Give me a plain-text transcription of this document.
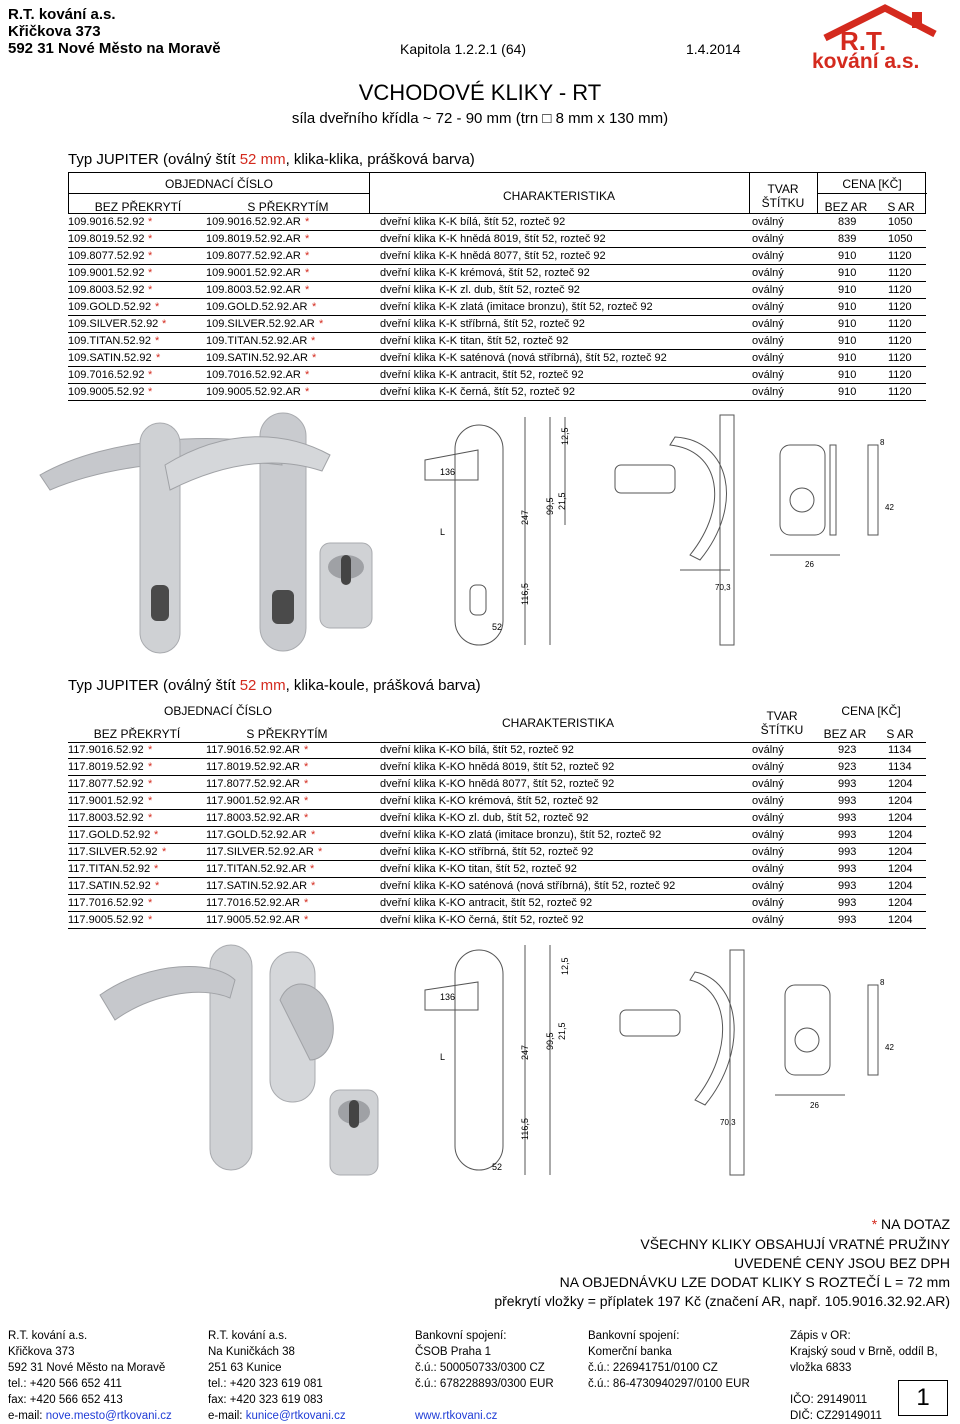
R.T. kování a.s.
Křičkova 373
592 31 Nové Město na Moravě	Kapitola 1.2.2.1 (64)	1.4.2014	R.T.
kování a.s.
VCHODOVÉ KLIKY - RT
síla dveřního křídla ~ 72 - 90 mm (trn □ 8 mm x 130 mm)
Typ JUPITER (oválný štít 52 mm, klika-klika, prášková barva)
OBJEDNACÍ ČÍSLO
BEZ PŘEKRYTÍ	S PŘEKRYTÍM
CHARAKTERISTIKA	TVAR
ŠTÍTKU
CENA [KČ]
BEZ AR	S AR
109.9016.52.92 *	109.9016.52.92.AR *	dveřní klika K-K bílá, štít 52, rozteč 92	oválný	839	1050
109.8019.52.92 *	109.8019.52.92.AR *	dveřní klika K-K hnědá 8019, štít 52, rozteč 92	oválný	839	1050
109.8077.52.92 *	109.8077.52.92.AR *	dveřní klika K-K hnědá 8077, štít 52, rozteč 92	oválný	910	1120
109.9001.52.92 *	109.9001.52.92.AR *	dveřní klika K-K krémová, štít 52, rozteč 92	oválný	910	1120
109.8003.52.92 *	109.8003.52.92.AR *	dveřní klika K-K zl. dub, štít 52, rozteč 92	oválný	910	1120
109.GOLD.52.92 *	109.GOLD.52.92.AR *	dveřní klika K-K zlatá (imitace bronzu), štít 52, rozteč 92	oválný	910	1120
109.SILVER.52.92 *	109.SILVER.52.92.AR *	dveřní klika K-K stříbrná, štít 52, rozteč 92	oválný	910	1120
109.TITAN.52.92 *	109.TITAN.52.92.AR *	dveřní klika K-K titan, štít 52, rozteč 92	oválný	910	1120
109.SATIN.52.92 *	109.SATIN.52.92.AR *	dveřní klika K-K saténová (nová stříbrná), štít 52, rozteč 92	oválný	910	1120
109.7016.52.92 *	109.7016.52.92.AR *	dveřní klika K-K antracit, štít 52, rozteč 92	oválný	910	1120
109.9005.52.92 *	109.9005.52.92.AR *	dveřní klika K-K černá, štít 52, rozteč 92	oválný	910	1120
136
247
99,5
12,5
21,5
116,5
L
52
70,3
42
26
8
Typ JUPITER (oválný štít 52 mm, klika-koule, prášková barva)
OBJEDNACÍ ČÍSLO
BEZ PŘEKRYTÍ	S PŘEKRYTÍM
CHARAKTERISTIKA	TVAR
ŠTÍTKU
CENA [KČ]
BEZ AR	S AR
117.9016.52.92 *	117.9016.52.92.AR *	dveřní klika K-KO bílá, štít 52, rozteč 92	oválný	923	1134
117.8019.52.92 *	117.8019.52.92.AR *	dveřní klika K-KO hnědá 8019, štít 52, rozteč 92	oválný	923	1134
117.8077.52.92 *	117.8077.52.92.AR *	dveřní klika K-KO hnědá 8077, štít 52, rozteč 92	oválný	993	1204
117.9001.52.92 *	117.9001.52.92.AR *	dveřní klika K-KO krémová, štít 52, rozteč 92	oválný	993	1204
117.8003.52.92 *	117.8003.52.92.AR *	dveřní klika K-KO zl. dub, štít 52, rozteč 92	oválný	993	1204
117.GOLD.52.92 *	117.GOLD.52.92.AR *	dveřní klika K-KO zlatá (imitace bronzu), štít 52, rozteč 92	oválný	993	1204
117.SILVER.52.92 *	117.SILVER.52.92.AR *	dveřní klika K-KO stříbrná, štít 52, rozteč 92	oválný	993	1204
117.TITAN.52.92 *	117.TITAN.52.92.AR *	dveřní klika K-KO titan, štít 52, rozteč 92	oválný	993	1204
117.SATIN.52.92 *	117.SATIN.52.92.AR *	dveřní klika K-KO saténová (nová stříbrná), štít 52, rozteč 92	oválný	993	1204
117.7016.52.92 *	117.7016.52.92.AR *	dveřní klika K-KO antracit, štít 52, rozteč 92	oválný	993	1204
117.9005.52.92 *	117.9005.52.92.AR *	dveřní klika K-KO černá, štít 52, rozteč 92	oválný	993	1204
136
247
99,5
12,5
21,5
116,5
L
52
70,3
42
26
8
* NA DOTAZ
VŠECHNY KLIKY OBSAHUJÍ VRATNÉ PRUŽINY
UVEDENÉ CENY JSOU BEZ DPH
NA OBJEDNÁVKU LZE DODAT KLIKY S ROZTEČÍ L = 72 mm
překrytí vložky = příplatek 197 Kč (značení AR, např. 105.9016.32.92.AR)
R.T. kování a.s.
Křičkova 373
592 31 Nové Město na Moravě
tel.: +420 566 652 411
fax: +420 566 652 413
e-mail: nove.mesto@rtkovani.cz
R.T. kování a.s.
Na Kuničkách 38
251 63 Kunice
tel.: +420 323 619 081
fax: +420 323 619 083
e-mail: kunice@rtkovani.cz
Bankovní spojení:
ČSOB Praha 1
č.ú.: 500050733/0300 CZ
č.ú.: 678228893/0300 EUR

www.rtkovani.cz
Bankovní spojení:
Komerční banka
č.ú.: 226941751/0100 CZ
č.ú.: 86-4730940297/0100 EUR
Zápis v OR:
Krajský soud v Brně, oddíl B,
vložka 6833

IČO: 29149011
DIČ: CZ29149011
1
